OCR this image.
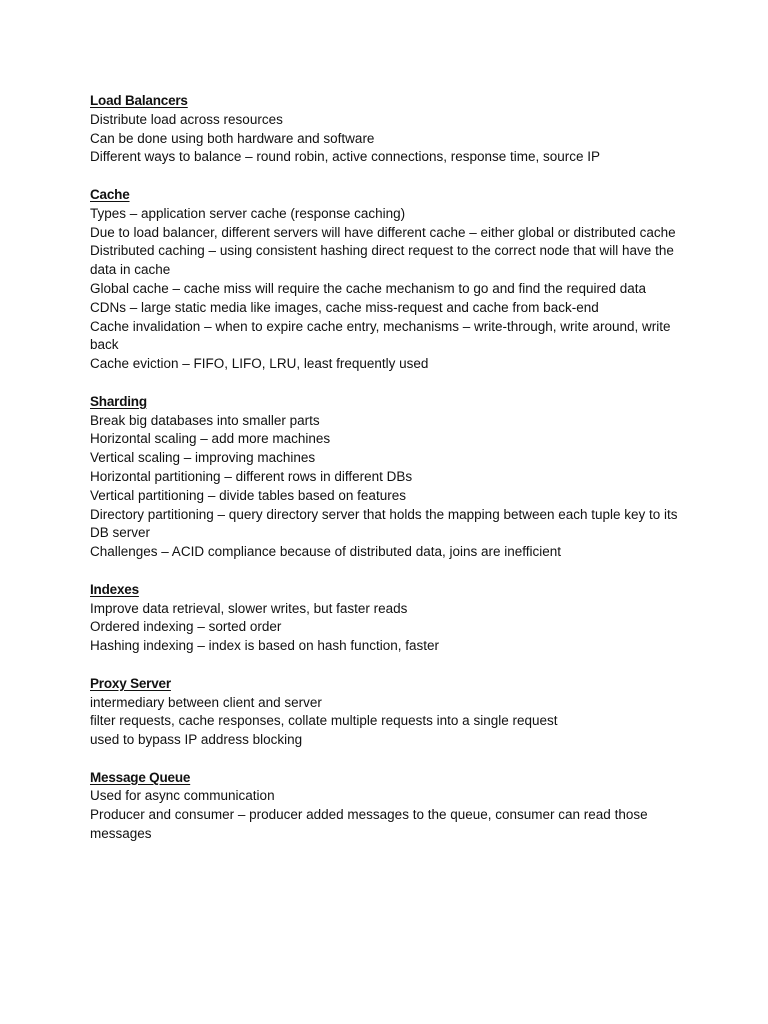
Load Balancers
Distribute load across resources
Can be done using both hardware and software
Different ways to balance – round robin, active connections, response time, source IP
Cache
Types – application server cache (response caching)
Due to load balancer, different servers will have different cache – either global or distributed cache
Distributed caching – using consistent hashing direct request to the correct node that will have the data in cache
Global cache – cache miss will require the cache mechanism to go and find the required data
CDNs – large static media like images, cache miss-request and cache from back-end
Cache invalidation – when to expire cache entry, mechanisms – write-through, write around, write back
Cache eviction – FIFO, LIFO, LRU, least frequently used
Sharding
Break big databases into smaller parts
Horizontal scaling – add more machines
Vertical scaling – improving machines
Horizontal partitioning – different rows in different DBs
Vertical partitioning – divide tables based on features
Directory partitioning – query directory server that holds the mapping between each tuple key to its DB server
Challenges – ACID compliance because of distributed data, joins are inefficient
Indexes
Improve data retrieval, slower writes, but faster reads
Ordered indexing – sorted order
Hashing indexing – index is based on hash function, faster
Proxy Server
intermediary between client and server
filter requests, cache responses, collate multiple requests into a single request
used to bypass IP address blocking
Message Queue
Used for async communication
Producer and consumer – producer added messages to the queue, consumer can read those messages
